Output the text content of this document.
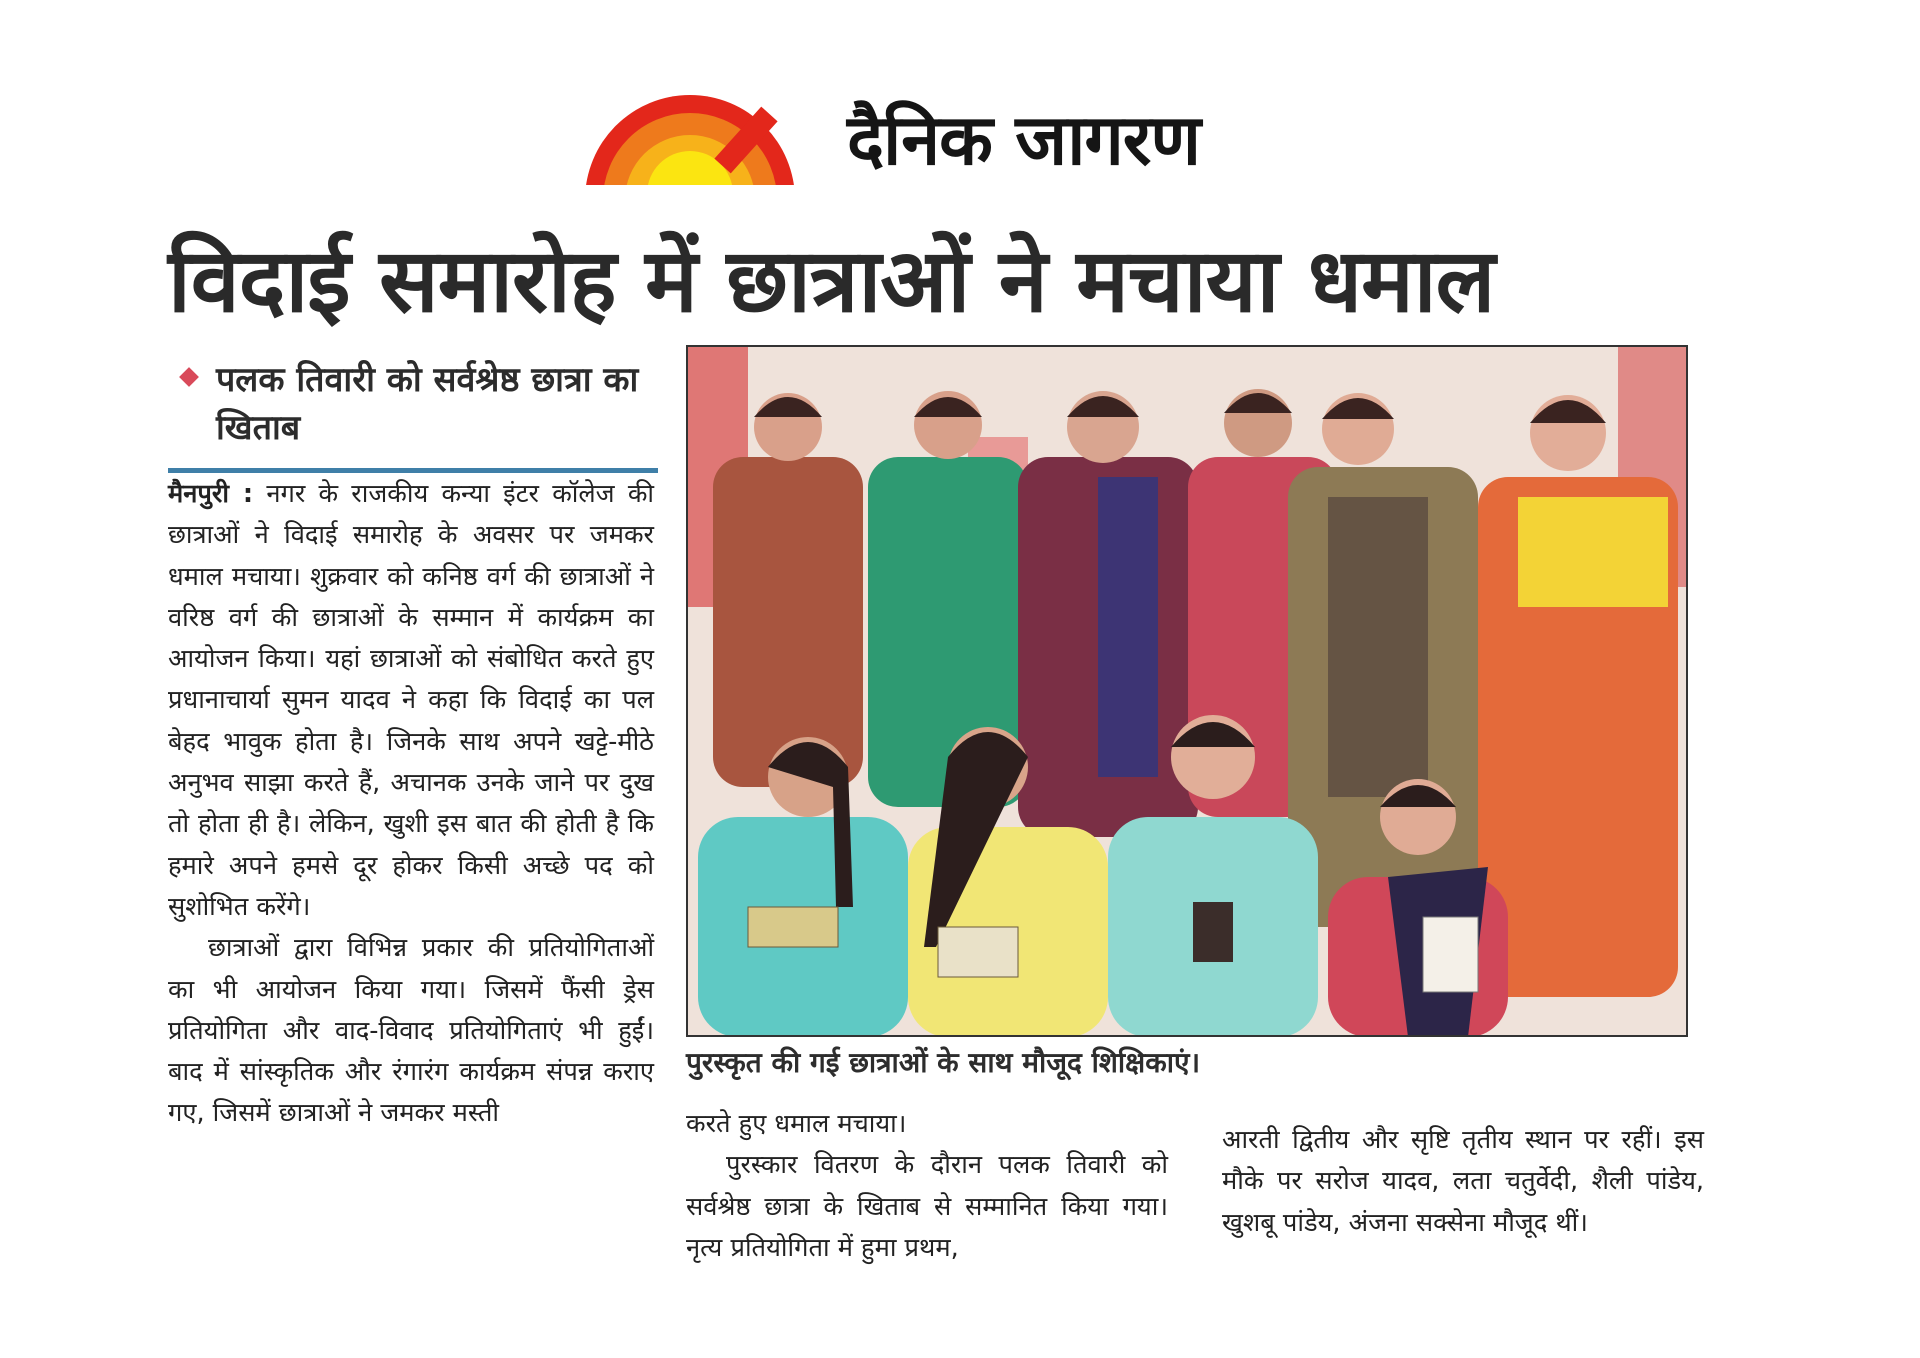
दैनिक जागरण
विदाई समारोह में छात्राओं ने मचाया धमाल
पलक तिवारी को सर्वश्रेष्ठ छात्रा का खिताब

मैनपुरी : नगर के राजकीय कन्या इंटर कॉलेज की छात्राओं ने विदाई समारोह के अवसर पर जमकर धमाल मचाया। शुक्रवार को कनिष्ठ वर्ग की छात्राओं ने वरिष्ठ वर्ग की छात्राओं के सम्मान में कार्यक्रम का आयोजन किया। यहां छात्राओं को संबोधित करते हुए प्रधानाचार्या सुमन यादव ने कहा कि विदाई का पल बेहद भावुक होता है। जिनके साथ अपने खट्टे-मीठे अनुभव साझा करते हैं, अचानक उनके जाने पर दुख तो होता ही है। लेकिन, खुशी इस बात की होती है कि हमारे अपने हमसे दूर होकर किसी अच्छे पद को सुशोभित करेंगे।

छात्राओं द्वारा विभिन्न प्रकार की प्रतियोगिताओं का भी आयोजन किया गया। जिसमें फैंसी ड्रेस प्रतियोगिता और वाद-विवाद प्रतियोगिताएं भी हुईं। बाद में सांस्कृतिक और रंगारंग कार्यक्रम संपन्न कराए गए, जिसमें छात्राओं ने जमकर मस्ती

पुरस्कृत की गई छात्राओं के साथ मौजूद शिक्षिकाएं।

करते हुए धमाल मचाया।

पुरस्कार वितरण के दौरान पलक तिवारी को सर्वश्रेष्ठ छात्रा के खिताब से सम्मानित किया गया। नृत्य प्रतियोगिता में हुमा प्रथम,

आरती द्वितीय और सृष्टि तृतीय स्थान पर रहीं। इस मौके पर सरोज यादव, लता चतुर्वेदी, शैली पांडेय, खुशबू पांडेय, अंजना सक्सेना मौजूद थीं।
